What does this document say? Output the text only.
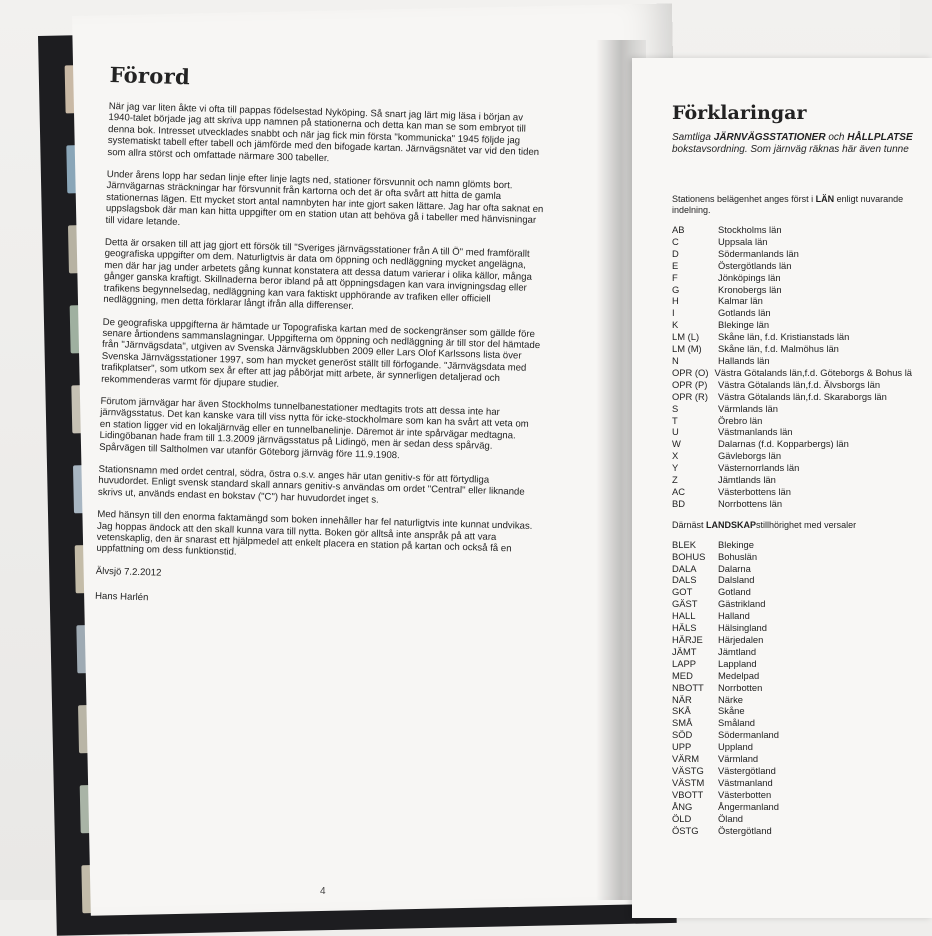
Förord

När jag var liten åkte vi ofta till pappas födelsestad Nyköping. Så snart jag lärt mig läsa i början av 1940-talet började jag att skriva upp namnen på stationerna och detta kan man se som embryot till denna bok. Intresset utvecklades snabbt och när jag fick min första "kommunicka" 1945 följde jag systematiskt tabell efter tabell och jämförde med den bifogade kartan. Järnvägsnätet var vid den tiden som allra störst och omfattade närmare 300 tabeller.

Under årens lopp har sedan linje efter linje lagts ned, stationer försvunnit och namn glömts bort. Järnvägarnas sträckningar har försvunnit från kartorna och det är ofta svårt att hitta de gamla stationernas lägen. Ett mycket stort antal namnbyten har inte gjort saken lättare. Jag har ofta saknat en uppslagsbok där man kan hitta uppgifter om en station utan att behöva gå i tabeller med hänvisningar till vidare letande.

Detta är orsaken till att jag gjort ett försök till "Sveriges järnvägsstationer från A till Ö" med framförallt geografiska uppgifter om dem. Naturligtvis är data om öppning och nedläggning mycket angelägna, men där har jag under arbetets gång kunnat konstatera att dessa datum varierar i olika källor, många gånger ganska kraftigt. Skillnaderna beror ibland på att öppningsdagen kan vara invigningsdag eller trafikens begynnelsedag, nedläggning kan vara faktiskt upphörande av trafiken eller officiell nedläggning, men detta förklarar långt ifrån alla differenser.

De geografiska uppgifterna är hämtade ur Topografiska kartan med de sockengränser som gällde före senare årtiondens sammanslagningar. Uppgifterna om öppning och nedläggning är till stor del hämtade från "Järnvägsdata", utgiven av Svenska Järnvägsklubben 2009 eller Lars Olof Karlssons lista över Svenska Järnvägsstationer 1997, som han mycket generöst ställt till förfogande. "Järnvägsdata med trafikplatser", som utkom sex år efter att jag påbörjat mitt arbete, är synnerligen detaljerad och rekommenderas varmt för djupare studier.

Förutom järnvägar har även Stockholms tunnelbanestationer medtagits trots att dessa inte har järnvägsstatus. Det kan kanske vara till viss nytta för icke-stockholmare som kan ha svårt att veta om en station ligger vid en lokaljärnväg eller en tunnelbanelinje. Däremot är inte spårvägar medtagna. Lidingöbanan hade fram till 1.3.2009 järnvägsstatus på Lidingö, men är sedan dess spårväg. Spårvägen till Saltholmen var utanför Göteborg järnväg före 11.9.1908.

Stationsnamn med ordet central, södra, östra o.s.v. anges här utan genitiv-s för att förtydliga huvudordet. Enligt svensk standard skall annars genitiv-s användas om ordet "Central" eller liknande skrivs ut, används endast en bokstav ("C") har huvudordet inget s.

Med hänsyn till den enorma faktamängd som boken innehåller har fel naturligtvis inte kunnat undvikas. Jag hoppas ändock att den skall kunna vara till nytta. Boken gör alltså inte anspråk på att vara vetenskaplig, den är snarast ett hjälpmedel att enkelt placera en station på kartan och också få en uppfattning om dess funktionstid.

Älvsjö 7.2.2012

Hans Harlén

4
Förklaringar
Samtliga JÄRNVÄGSSTATIONER och HÅLLPLATSE
bokstavsordning. Som järnväg räknas här även tunne
Stationens belägenhet anges först i LÄN enligt nuvarande
indelning.
AB	Stockholms län
C	Uppsala län
D	Södermanlands län
E	Östergötlands län
F	Jönköpings län
G	Kronobergs län
H	Kalmar län
I	Gotlands län
K	Blekinge län
LM (L)	Skåne län, f.d. Kristianstads län
LM (M)	Skåne län, f.d. Malmöhus län
N	Hallands län
OPR (O) Västra Götalands län,f.d. Göteborgs & Bohus lä
OPR (P)	Västra Götalands län,f.d. Älvsborgs län
OPR (R)	Västra Götalands län,f.d. Skaraborgs län
S	Värmlands län
T	Örebro län
U	Västmanlands län
W	Dalarnas (f.d. Kopparbergs) län
X	Gävleborgs län
Y	Västernorrlands län
Z	Jämtlands län
AC	Västerbottens län
BD	Norrbottens län
Därnäst LANDSKAPstillhörighet med versaler
BLEK	Blekinge
BOHUS	Bohuslän
DALA	Dalarna
DALS	Dalsland
GOT	Gotland
GÄST	Gästrikland
HALL	Halland
HÄLS	Hälsingland
HÄRJE	Härjedalen
JÄMT	Jämtland
LAPP	Lappland
MED	Medelpad
NBOTT	Norrbotten
NÄR	Närke
SKÅ	Skåne
SMÅ	Småland
SÖD	Södermanland
UPP	Uppland
VÄRM	Värmland
VÄSTG	Västergötland
VÄSTM	Västmanland
VBOTT	Västerbotten
ÅNG	Ångermanland
ÖLD	Öland
ÖSTG	Östergötland
